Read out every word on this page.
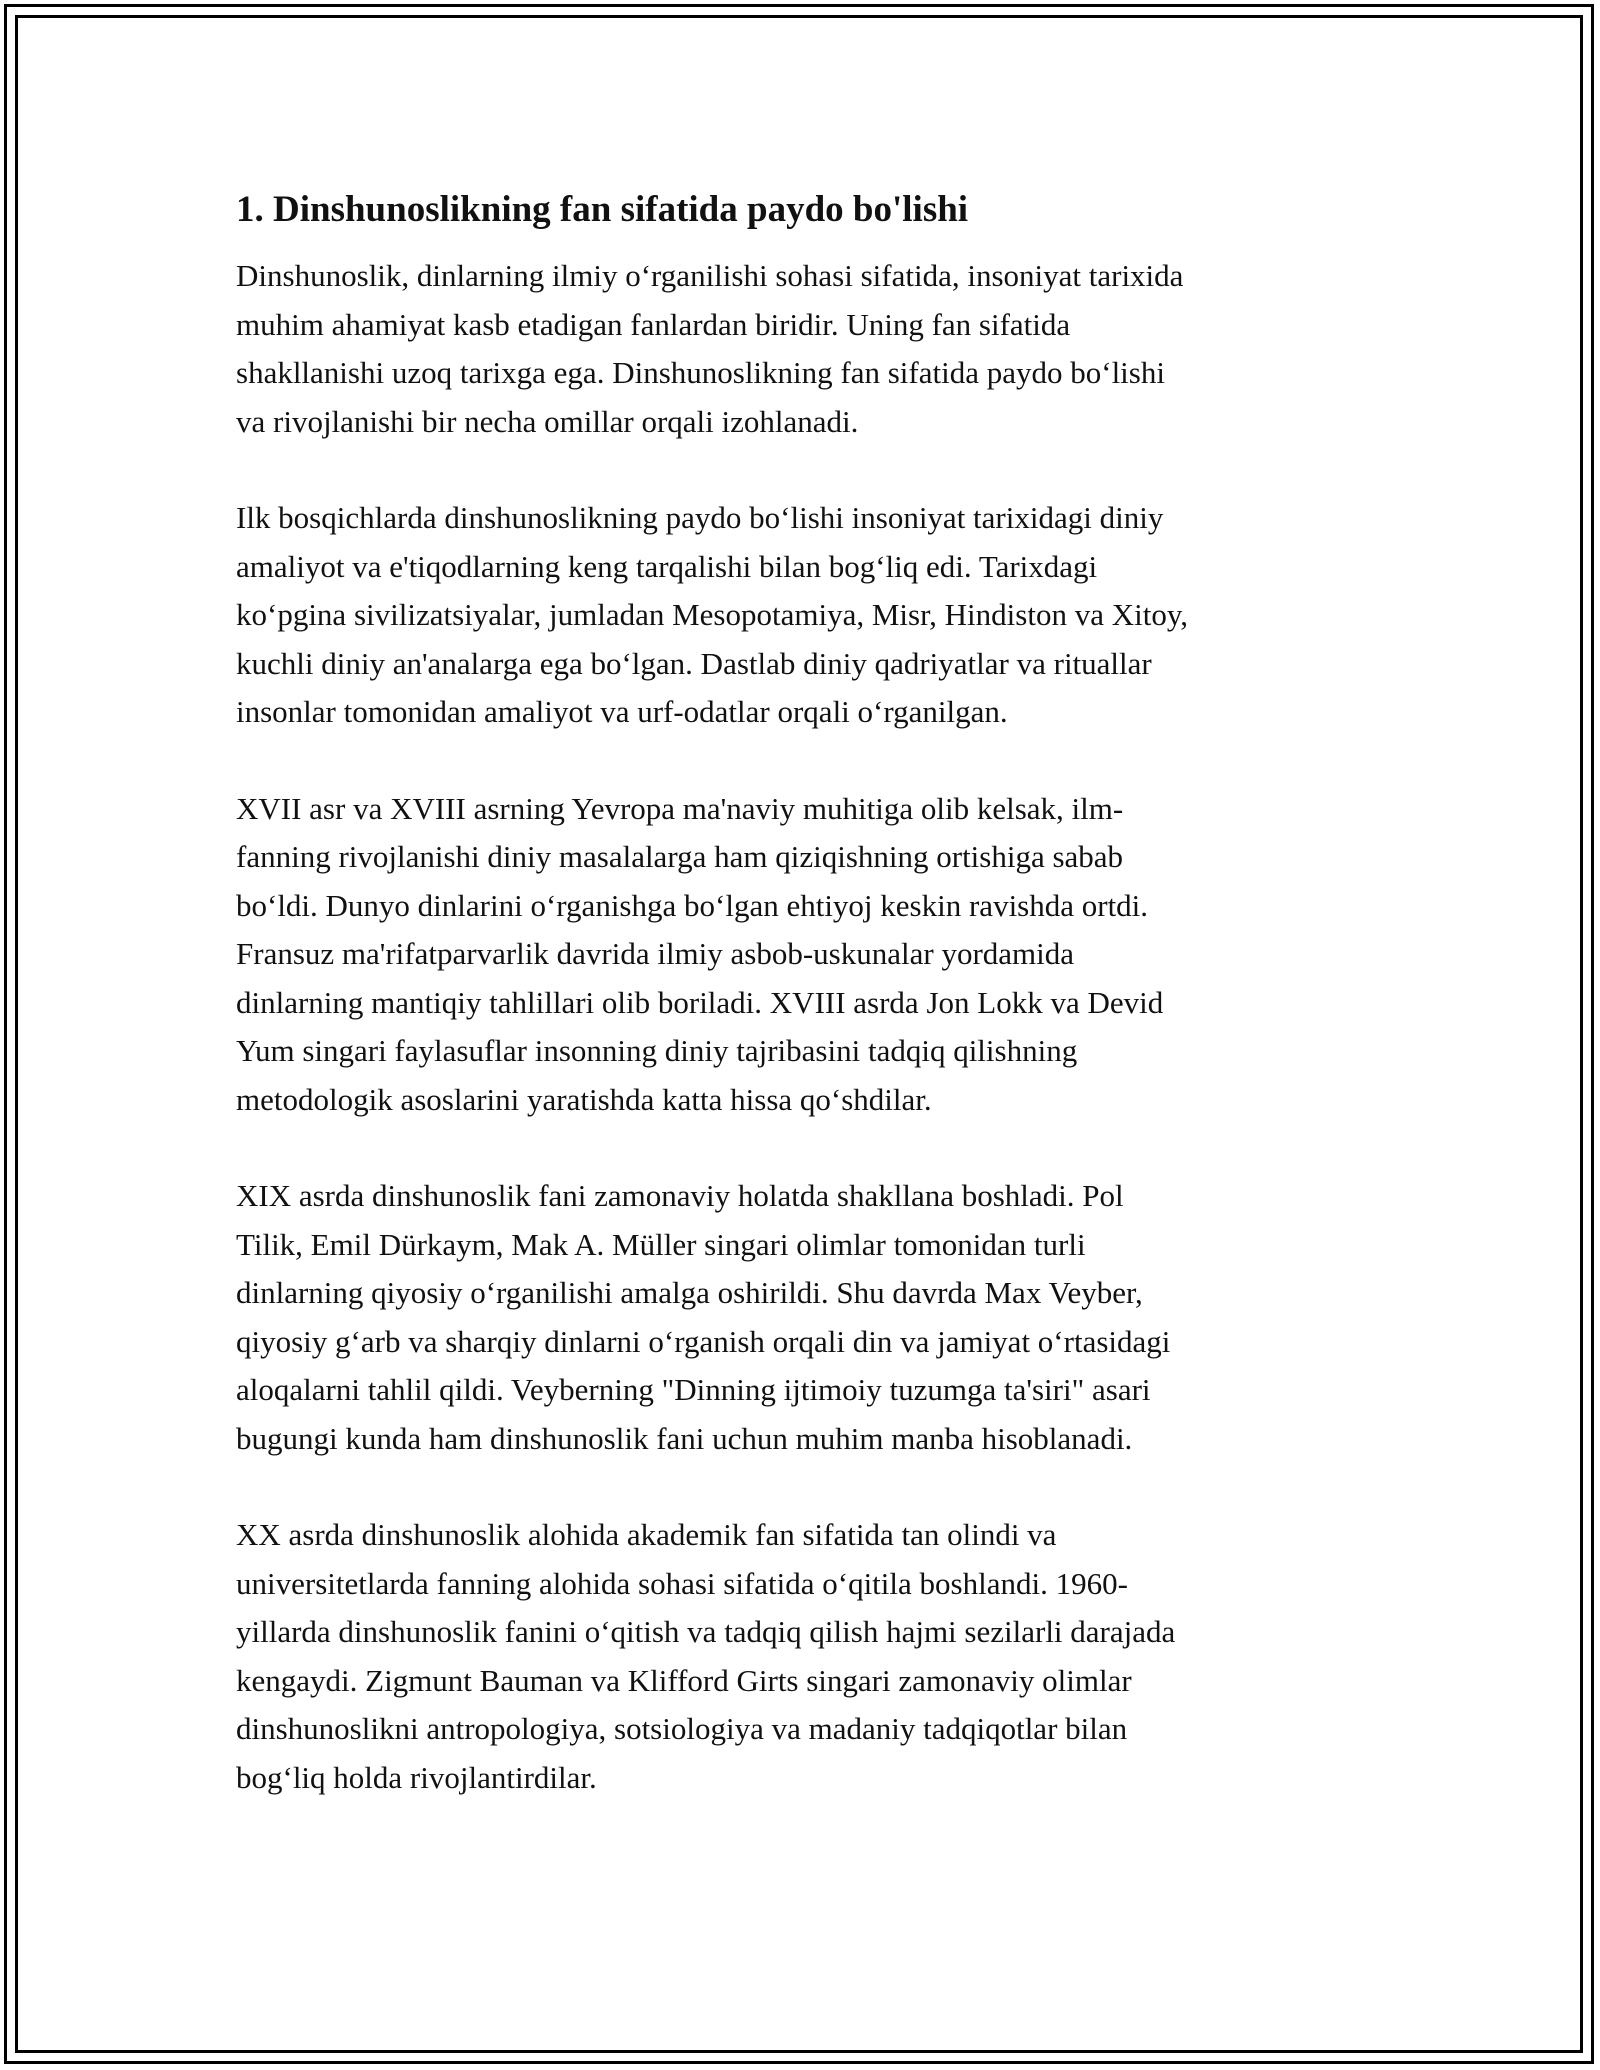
1. Dinshunoslikning fan sifatida paydo bo'lishi

Dinshunoslik, dinlarning ilmiy o‘rganilishi sohasi sifatida, insoniyat tarixida
muhim ahamiyat kasb etadigan fanlardan biridir. Uning fan sifatida
shakllanishi uzoq tarixga ega. Dinshunoslikning fan sifatida paydo bo‘lishi
va rivojlanishi bir necha omillar orqali izohlanadi.

Ilk bosqichlarda dinshunoslikning paydo bo‘lishi insoniyat tarixidagi diniy
amaliyot va e'tiqodlarning keng tarqalishi bilan bog‘liq edi. Tarixdagi
ko‘pgina sivilizatsiyalar, jumladan Mesopotamiya, Misr, Hindiston va Xitoy,
kuchli diniy an'analarga ega bo‘lgan. Dastlab diniy qadriyatlar va rituallar
insonlar tomonidan amaliyot va urf-odatlar orqali o‘rganilgan.

XVII asr va XVIII asrning Yevropa ma'naviy muhitiga olib kelsak, ilm-
fanning rivojlanishi diniy masalalarga ham qiziqishning ortishiga sabab
bo‘ldi. Dunyo dinlarini o‘rganishga bo‘lgan ehtiyoj keskin ravishda ortdi.
Fransuz ma'rifatparvarlik davrida ilmiy asbob-uskunalar yordamida
dinlarning mantiqiy tahlillari olib boriladi. XVIII asrda Jon Lokk va Devid
Yum singari faylasuflar insonning diniy tajribasini tadqiq qilishning
metodologik asoslarini yaratishda katta hissa qo‘shdilar.

XIX asrda dinshunoslik fani zamonaviy holatda shakllana boshladi. Pol
Tilik, Emil Dürkaym, Mak A. Müller singari olimlar tomonidan turli
dinlarning qiyosiy o‘rganilishi amalga oshirildi. Shu davrda Max Veyber,
qiyosiy g‘arb va sharqiy dinlarni o‘rganish orqali din va jamiyat o‘rtasidagi
aloqalarni tahlil qildi. Veyberning "Dinning ijtimoiy tuzumga ta'siri" asari
bugungi kunda ham dinshunoslik fani uchun muhim manba hisoblanadi.

XX asrda dinshunoslik alohida akademik fan sifatida tan olindi va
universitetlarda fanning alohida sohasi sifatida o‘qitila boshlandi. 1960-
yillarda dinshunoslik fanini o‘qitish va tadqiq qilish hajmi sezilarli darajada
kengaydi. Zigmunt Bauman va Klifford Girts singari zamonaviy olimlar
dinshunoslikni antropologiya, sotsiologiya va madaniy tadqiqotlar bilan
bog‘liq holda rivojlantirdilar.
